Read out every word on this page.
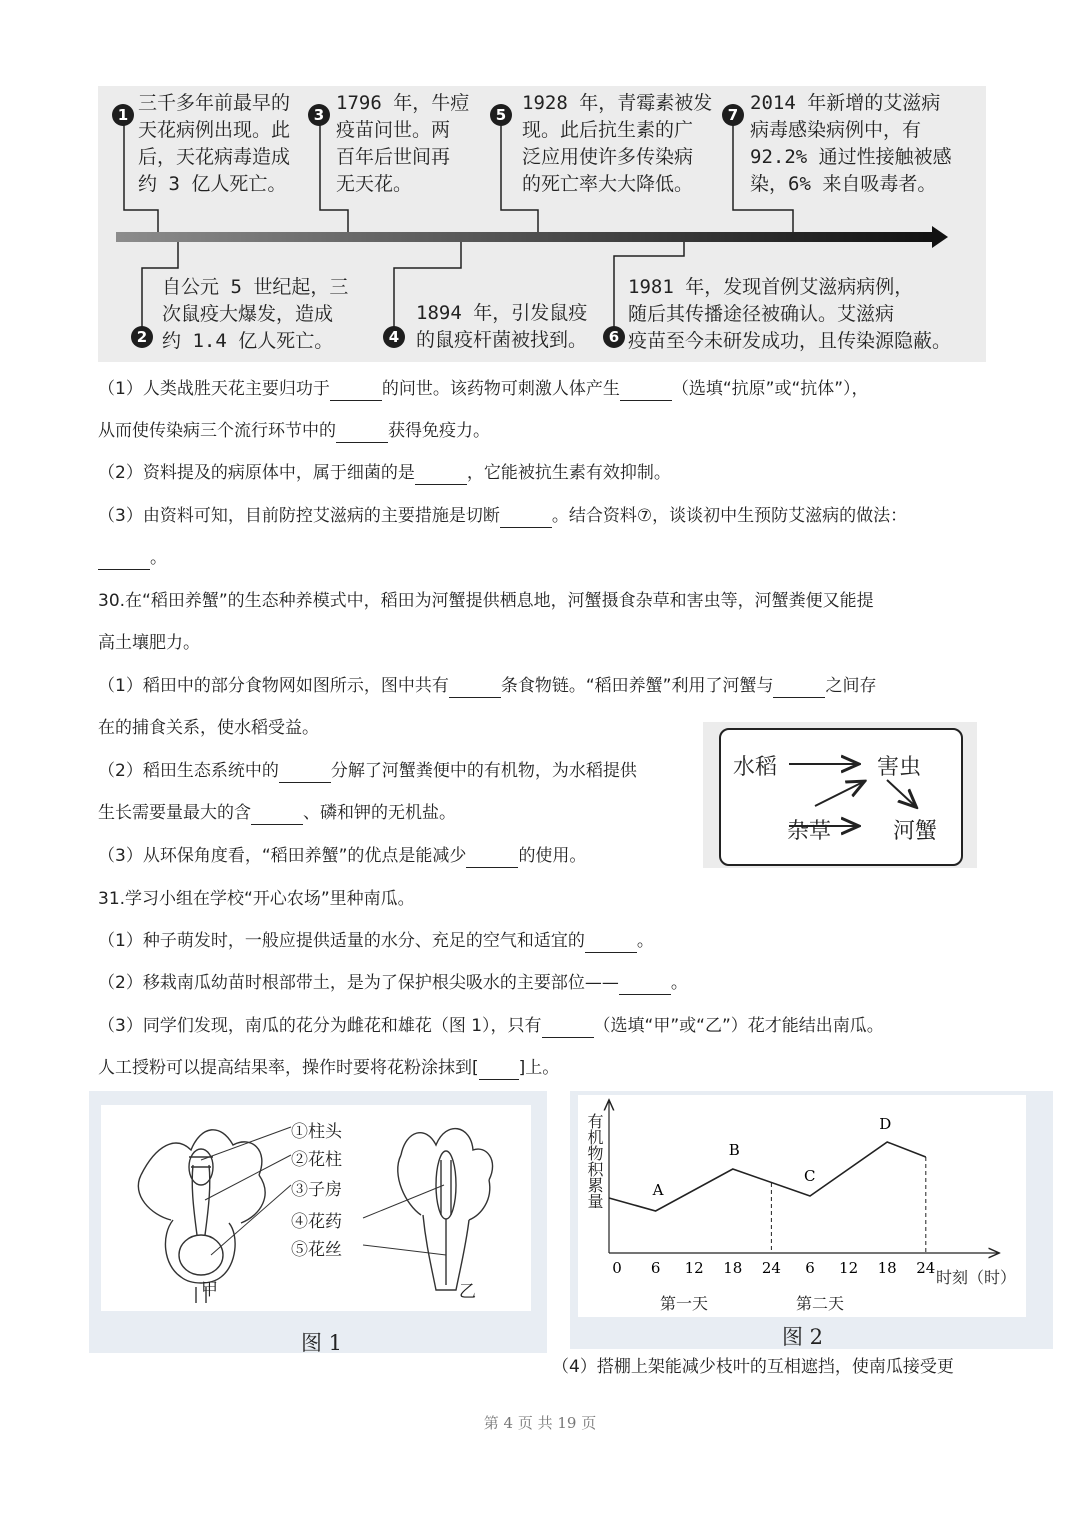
1
三千多年前最早的
天花病例出现。此
后，天花病毒造成
约 3 亿人死亡。
2
自公元 5 世纪起，三
次鼠疫大爆发，造成
约 1.4 亿人死亡。
3
1796 年，牛痘
疫苗问世。两
百年后世间再
无天花。
4
1894 年，引发鼠疫
的鼠疫杆菌被找到。
5
1928 年，青霉素被发
现。此后抗生素的广
泛应用使许多传染病
的死亡率大大降低。
6
1981 年，发现首例艾滋病病例，
随后其传播途径被确认。艾滋病
疫苗至今未研发成功，且传染源隐蔽。
7
2014 年新增的艾滋病
病毒感染病例中，有
92.2% 通过性接触被感
染，6% 来自吸毒者。
（1）人类战胜天花主要归功于	的问世。该药物可刺激人体产生	（选填“抗原”或“抗体”），
从而使传染病三个流行环节中的	获得免疫力。
（2）资料提及的病原体中，属于细菌的是	，它能被抗生素有效抑制。
（3）由资料可知，目前防控艾滋病的主要措施是切断	。结合资料⑦，谈谈初中生预防艾滋病的做法：
。
30.在“稻田养蟹”的生态种养模式中，稻田为河蟹提供栖息地，河蟹摄食杂草和害虫等，河蟹粪便又能提
高土壤肥力。
（1）稻田中的部分食物网如图所示，图中共有	条食物链。“稻田养蟹”利用了河蟹与	之间存
在的捕食关系，使水稻受益。
（2）稻田生态系统中的	分解了河蟹粪便中的有机物，为水稻提供
生长需要量最大的含	、磷和钾的无机盐。
（3）从环保角度看，“稻田养蟹”的优点是能减少	的使用。
水稻	害虫
杂草	河蟹
31.学习小组在学校“开心农场”里种南瓜。
（1）种子萌发时，一般应提供适量的水分、充足的空气和适宜的	。
（2）移栽南瓜幼苗时根部带土，是为了保护根尖吸水的主要部位——	。
（3）同学们发现，南瓜的花分为雌花和雄花（图 1），只有	（选填“甲”或“乙”）花才能结出南瓜。
人工授粉可以提高结果率，操作时要将花粉涂抹到[ ]上。
①柱头
②花柱
③子房
④花药
⑤花丝
甲	乙
图 1
0 6 12 18 24 6 12 18 24
A
B
C
D
有机物积累量
时刻（时）
第一天	第二天
图 2
（4）搭棚上架能减少枝叶的互相遮挡，使南瓜接受更
第 4 页 共 19 页
